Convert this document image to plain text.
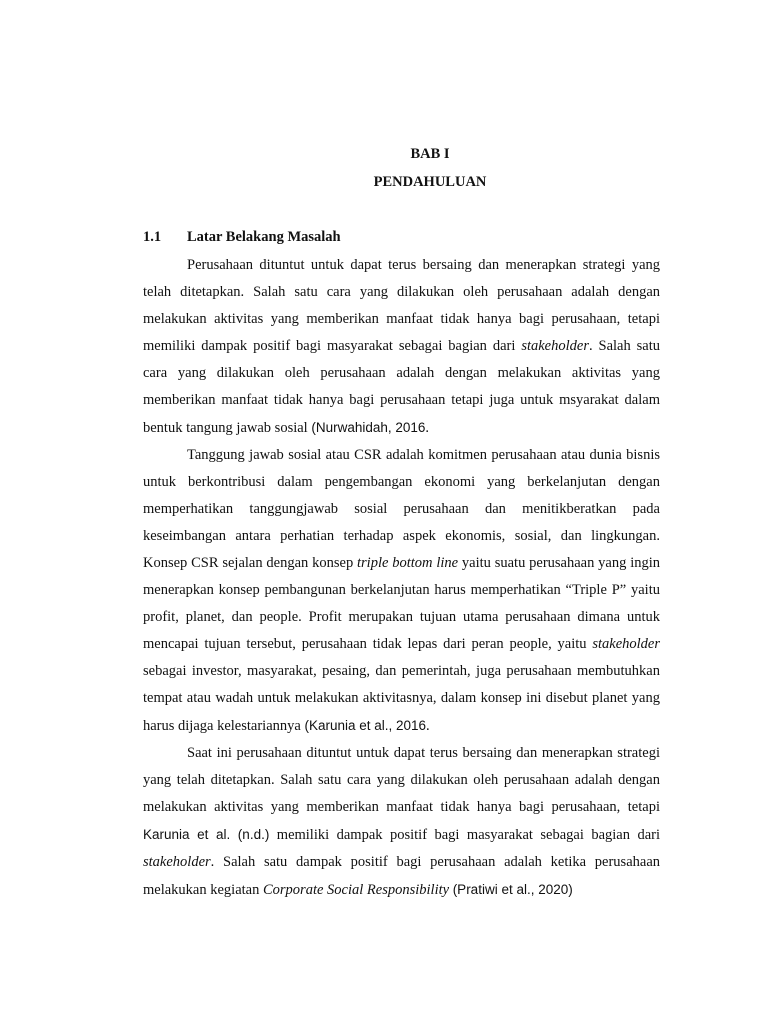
BAB I
PENDAHULUAN
1.1 Latar Belakang Masalah

Perusahaan dituntut untuk dapat terus bersaing dan menerapkan strategi yang telah ditetapkan. Salah satu cara yang dilakukan oleh perusahaan adalah dengan melakukan aktivitas yang memberikan manfaat tidak hanya bagi perusahaan, tetapi memiliki dampak positif bagi masyarakat sebagai bagian dari stakeholder. Salah satu cara yang dilakukan oleh perusahaan adalah dengan melakukan aktivitas yang memberikan manfaat tidak hanya bagi perusahaan tetapi juga untuk msyarakat dalam bentuk tangung jawab sosial (Nurwahidah, 2016.

Tanggung jawab sosial atau CSR adalah komitmen perusahaan atau dunia bisnis untuk berkontribusi dalam pengembangan ekonomi yang berkelanjutan dengan memperhatikan tanggungjawab sosial perusahaan dan menitikberatkan pada keseimbangan antara perhatian terhadap aspek ekonomis, sosial, dan lingkungan. Konsep CSR sejalan dengan konsep triple bottom line yaitu suatu perusahaan yang ingin menerapkan konsep pembangunan berkelanjutan harus memperhatikan “Triple P” yaitu profit, planet, dan people. Profit merupakan tujuan utama perusahaan dimana untuk mencapai tujuan tersebut, perusahaan tidak lepas dari peran people, yaitu stakeholder sebagai investor, masyarakat, pesaing, dan pemerintah, juga perusahaan membutuhkan tempat atau wadah untuk melakukan aktivitasnya, dalam konsep ini disebut planet yang harus dijaga kelestariannya (Karunia et al., 2016.

Saat ini perusahaan dituntut untuk dapat terus bersaing dan menerapkan strategi yang telah ditetapkan. Salah satu cara yang dilakukan oleh perusahaan adalah dengan melakukan aktivitas yang memberikan manfaat tidak hanya bagi perusahaan, tetapi Karunia et al. (n.d.) memiliki dampak positif bagi masyarakat sebagai bagian dari stakeholder. Salah satu dampak positif bagi perusahaan adalah ketika perusahaan melakukan kegiatan Corporate Social Responsibility (Pratiwi et al., 2020)
